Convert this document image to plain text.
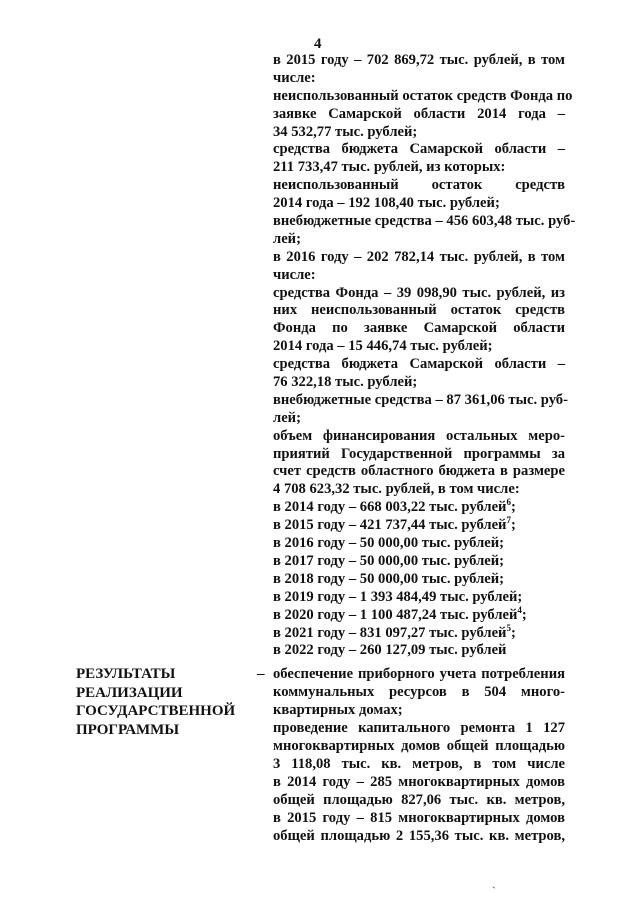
4
в 2015 году – 702 869,72 тыс. рублей, в том
числе:
неиспользованный остаток средств Фонда по
заявке Самарской области 2014 года –
34 532,77 тыс. рублей;
средства бюджета Самарской области –
211 733,47 тыс. рублей, из которых:
неиспользованный остаток средств
2014 года – 192 108,40 тыс. рублей;
внебюджетные средства – 456 603,48 тыс. руб-
лей;
в 2016 году – 202 782,14 тыс. рублей, в том
числе:
средства Фонда – 39 098,90 тыс. рублей, из
них неиспользованный остаток средств
Фонда по заявке Самарской области
2014 года – 15 446,74 тыс. рублей;
средства бюджета Самарской области –
76 322,18 тыс. рублей;
внебюджетные средства – 87 361,06 тыс. руб-
лей;
объем финансирования остальных меро-
приятий Государственной программы за
счет средств областного бюджета в размере
4 708 623,32 тыс. рублей, в том числе:
в 2014 году – 668 003,22 тыс. рублей$^6$;
в 2015 году – 421 737,44 тыс. рублей$^7$;
в 2016 году – 50 000,00 тыс. рублей;
в 2017 году – 50 000,00 тыс. рублей;
в 2018 году – 50 000,00 тыс. рублей;
в 2019 году – 1 393 484,49 тыс. рублей;
в 2020 году – 1 100 487,24 тыс. рублей$^4$;
в 2021 году – 831 097,27 тыс. рублей$^5$;
в 2022 году – 260 127,09 тыс. рублей
РЕЗУЛЬТАТЫ
РЕАЛИЗАЦИИ
ГОСУДАРСТВЕННОЙ
ПРОГРАММЫ
– обеспечение приборного учета потребления
коммунальных ресурсов в 504 много-
квартирных домах;
проведение капитального ремонта 1 127
многоквартирных домов общей площадью
3 118,08 тыс. кв. метров, в том числе
в 2014 году – 285 многоквартирных домов
общей площадью 827,06 тыс. кв. метров,
в 2015 году – 815 многоквартирных домов
общей площадью 2 155,36 тыс. кв. метров,
`
